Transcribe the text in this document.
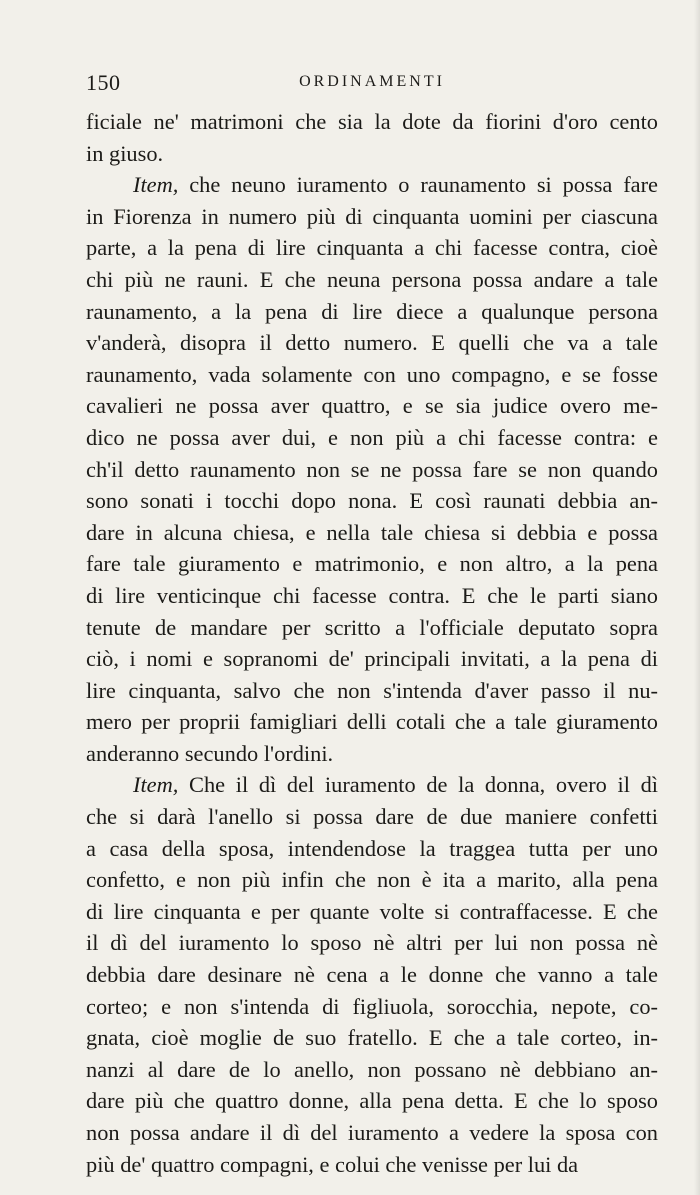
150	ORDINAMENTI
ficiale ne' matrimoni che sia la dote da fiorini d'oro cento
in giuso.
Item, che neuno iuramento o raunamento si possa fare
in Fiorenza in numero più di cinquanta uomini per ciascuna
parte, a la pena di lire cinquanta a chi facesse contra, cioè
chi più ne rauni. E che neuna persona possa andare a tale
raunamento, a la pena di lire diece a qualunque persona
v'anderà, disopra il detto numero. E quelli che va a tale
raunamento, vada solamente con uno compagno, e se fosse
cavalieri ne possa aver quattro, e se sia judice overo me-
dico ne possa aver dui, e non più a chi facesse contra: e
ch'il detto raunamento non se ne possa fare se non quando
sono sonati i tocchi dopo nona. E così raunati debbia an-
dare in alcuna chiesa, e nella tale chiesa si debbia e possa
fare tale giuramento e matrimonio, e non altro, a la pena
di lire venticinque chi facesse contra. E che le parti siano
tenute de mandare per scritto a l'officiale deputato sopra
ciò, i nomi e sopranomi de' principali invitati, a la pena di
lire cinquanta, salvo che non s'intenda d'aver passo il nu-
mero per proprii famigliari delli cotali che a tale giuramento
anderanno secundo l'ordini.
Item, Che il dì del iuramento de la donna, overo il dì
che si darà l'anello si possa dare de due maniere confetti
a casa della sposa, intendendose la traggea tutta per uno
confetto, e non più infin che non è ita a marito, alla pena
di lire cinquanta e per quante volte si contraffacesse. E che
il dì del iuramento lo sposo nè altri per lui non possa nè
debbia dare desinare nè cena a le donne che vanno a tale
corteo; e non s'intenda di figliuola, sorocchia, nepote, co-
gnata, cioè moglie de suo fratello. E che a tale corteo, in-
nanzi al dare de lo anello, non possano nè debbiano an-
dare più che quattro donne, alla pena detta. E che lo sposo
non possa andare il dì del iuramento a vedere la sposa con
più de' quattro compagni, e colui che venisse per lui da
